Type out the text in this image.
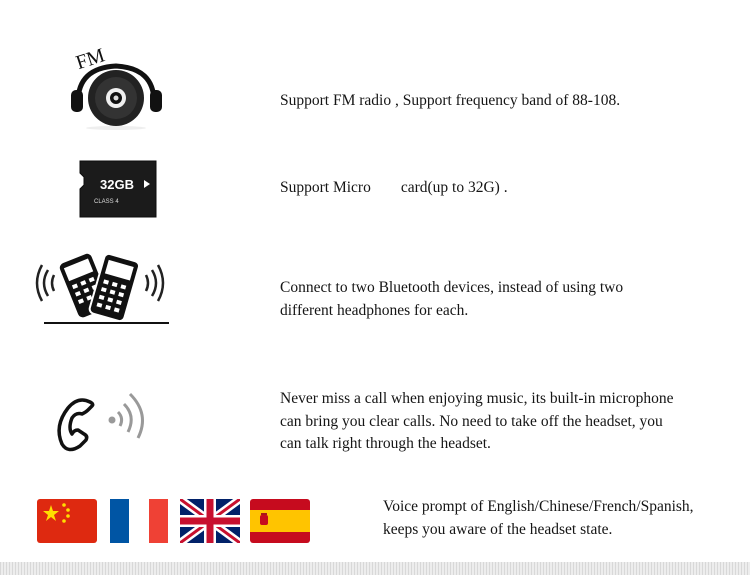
FM
Support FM radio , Support frequency band of 88-108.
32GB
CLASS 4
Support Micro card(up to 32G) .
Connect to two Bluetooth devices, instead of using two
different headphones for each.
Never miss a call when enjoying music, its built-in microphone
can bring you clear calls. No need to take off the headset, you
can talk right through the headset.
Voice prompt of English/Chinese/French/Spanish,
keeps you aware of the headset state.
